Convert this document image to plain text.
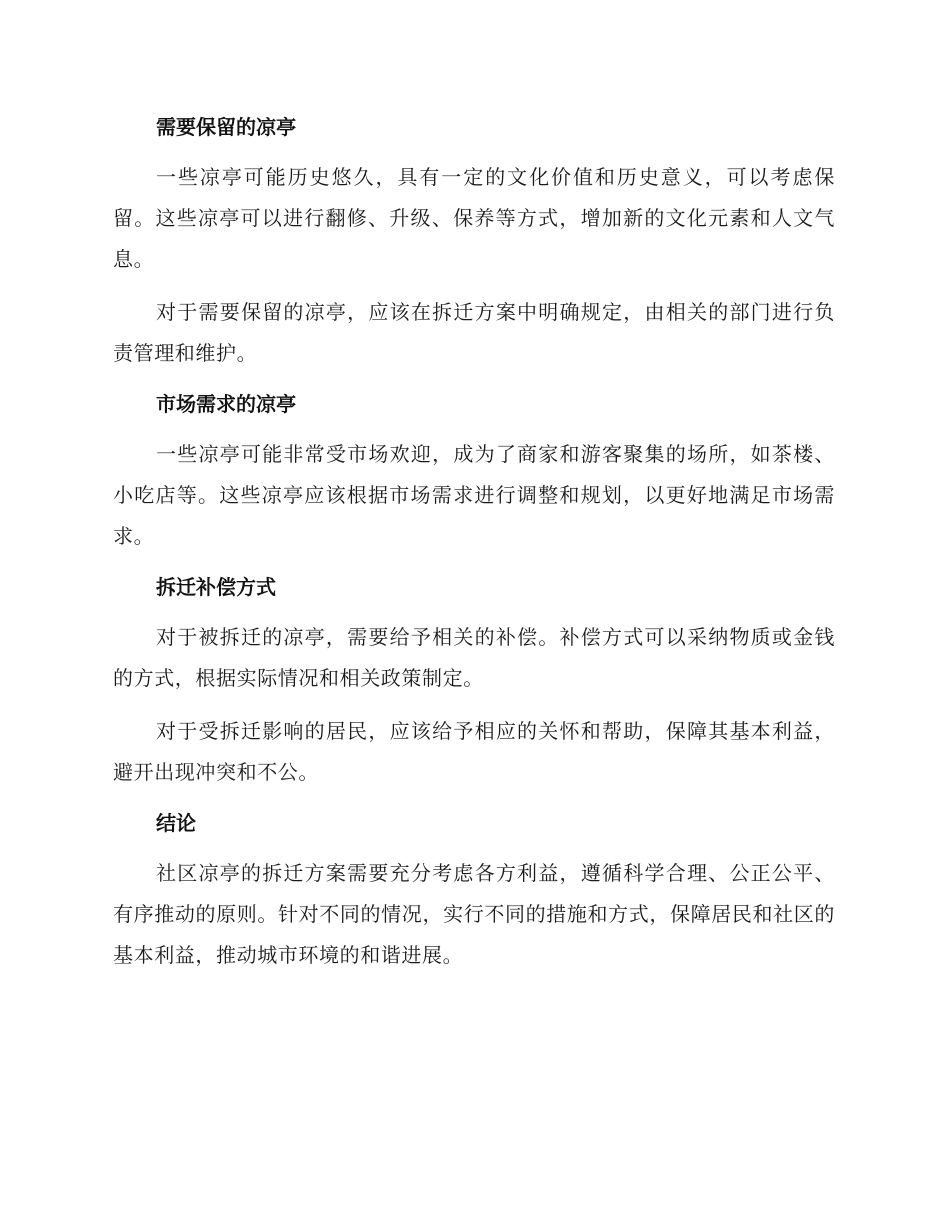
需要保留的凉亭

一些凉亭可能历史悠久，具有一定的文化价值和历史意义，可以考虑保留。这些凉亭可以进行翻修、升级、保养等方式，增加新的文化元素和人文气息。

对于需要保留的凉亭，应该在拆迁方案中明确规定，由相关的部门进行负责管理和维护。

市场需求的凉亭

一些凉亭可能非常受市场欢迎，成为了商家和游客聚集的场所，如茶楼、小吃店等。这些凉亭应该根据市场需求进行调整和规划，以更好地满足市场需求。

拆迁补偿方式

对于被拆迁的凉亭，需要给予相关的补偿。补偿方式可以采纳物质或金钱的方式，根据实际情况和相关政策制定。

对于受拆迁影响的居民，应该给予相应的关怀和帮助，保障其基本利益，避开出现冲突和不公。

结论

社区凉亭的拆迁方案需要充分考虑各方利益，遵循科学合理、公正公平、有序推动的原则。针对不同的情况，实行不同的措施和方式，保障居民和社区的基本利益，推动城市环境的和谐进展。
